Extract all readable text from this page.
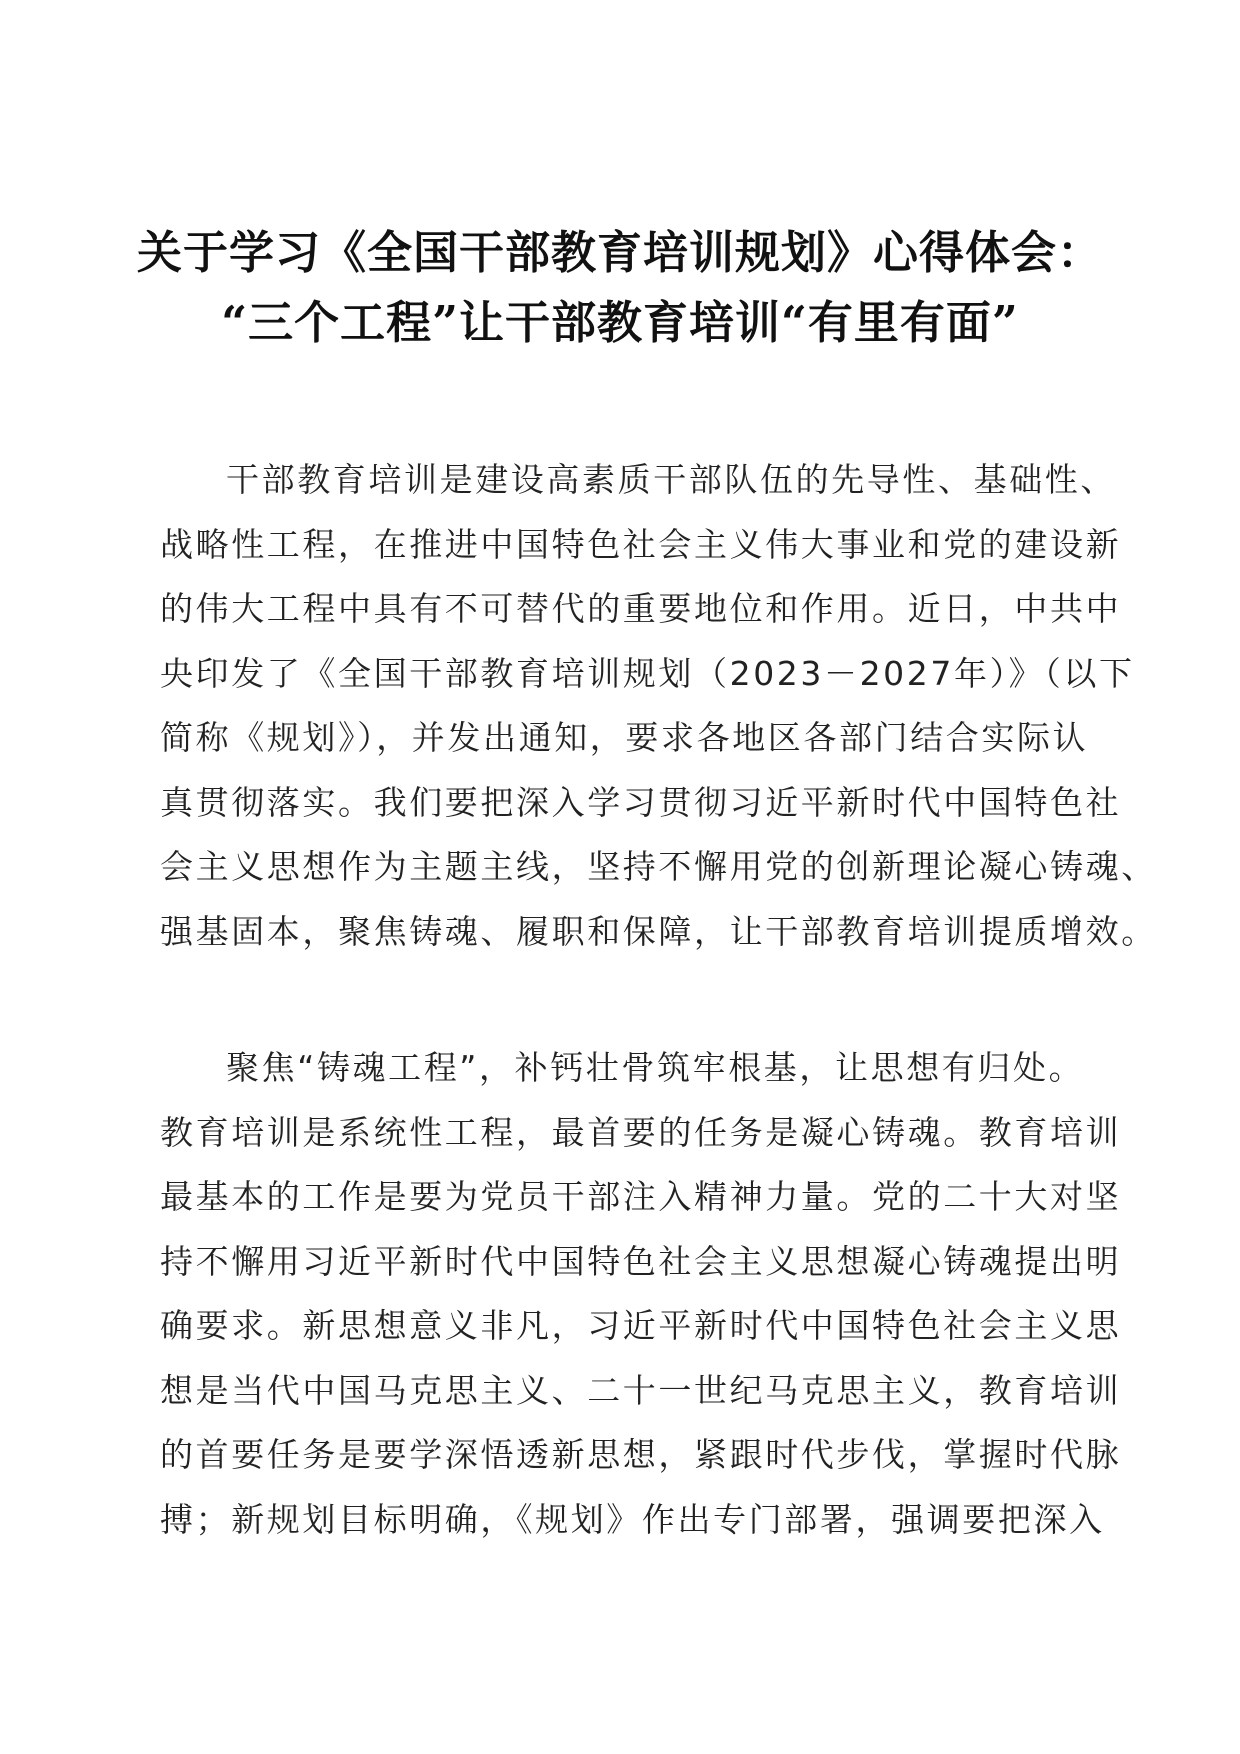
关于学习《全国干部教育培训规划》心得体会：
“三个工程”让干部教育培训“有里有面”
干部教育培训是建设高素质干部队伍的先导性、基础性、
战略性工程，在推进中国特色社会主义伟大事业和党的建设新
的伟大工程中具有不可替代的重要地位和作用。近日，中共中
央印发了《全国干部教育培训规划（2023－2027年）》（以下
简称《规划》），并发出通知，要求各地区各部门结合实际认
真贯彻落实。我们要把深入学习贯彻习近平新时代中国特色社
会主义思想作为主题主线，坚持不懈用党的创新理论凝心铸魂、
强基固本，聚焦铸魂、履职和保障，让干部教育培训提质增效。
聚焦“铸魂工程”，补钙壮骨筑牢根基，让思想有归处。
教育培训是系统性工程，最首要的任务是凝心铸魂。教育培训
最基本的工作是要为党员干部注入精神力量。党的二十大对坚
持不懈用习近平新时代中国特色社会主义思想凝心铸魂提出明
确要求。新思想意义非凡，习近平新时代中国特色社会主义思
想是当代中国马克思主义、二十一世纪马克思主义，教育培训
的首要任务是要学深悟透新思想，紧跟时代步伐，掌握时代脉
搏；新规划目标明确，《规划》作出专门部署，强调要把深入
